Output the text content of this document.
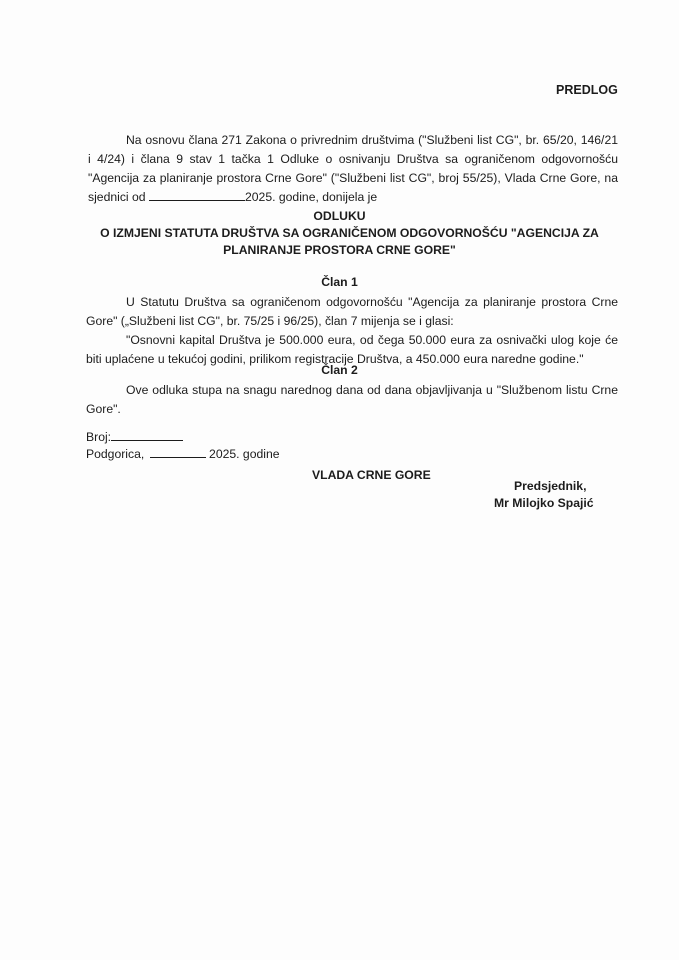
PREDLOG
Na osnovu člana 271 Zakona o privrednim društvima ("Službeni list CG", br. 65/20, 146/21
i 4/24) i člana 9 stav 1 tačka 1 Odluke o osnivanju Društva sa ograničenom odgovornošću
"Agencija za planiranje prostora Crne Gore" ("Službeni list CG", broj 55/25), Vlada Crne Gore, na
sjednici od	2025. godine, donijela je
ODLUKU
O IZMJENI STATUTA DRUŠTVA SA OGRANIČENOM ODGOVORNOŠĆU "AGENCIJA ZA
PLANIRANJE PROSTORA CRNE GORE"
Član 1
U Statutu Društva sa ograničenom odgovornošću "Agencija za planiranje prostora Crne
Gore" („Službeni list CG", br. 75/25 i 96/25), član 7 mijenja se i glasi:
"Osnovni kapital Društva je 500.000 eura, od čega 50.000 eura za osnivački ulog koje će
biti uplaćene u tekućoj godini, prilikom registracije Društva, a 450.000 eura naredne godine."
Član 2
Ove odluka stupa na snagu narednog dana od dana objavljivanja u "Službenom listu Crne
Gore".
Broj:
Podgorica,	2025. godine
VLADA CRNE GORE
Predsjednik,
Mr Milojko Spajić
